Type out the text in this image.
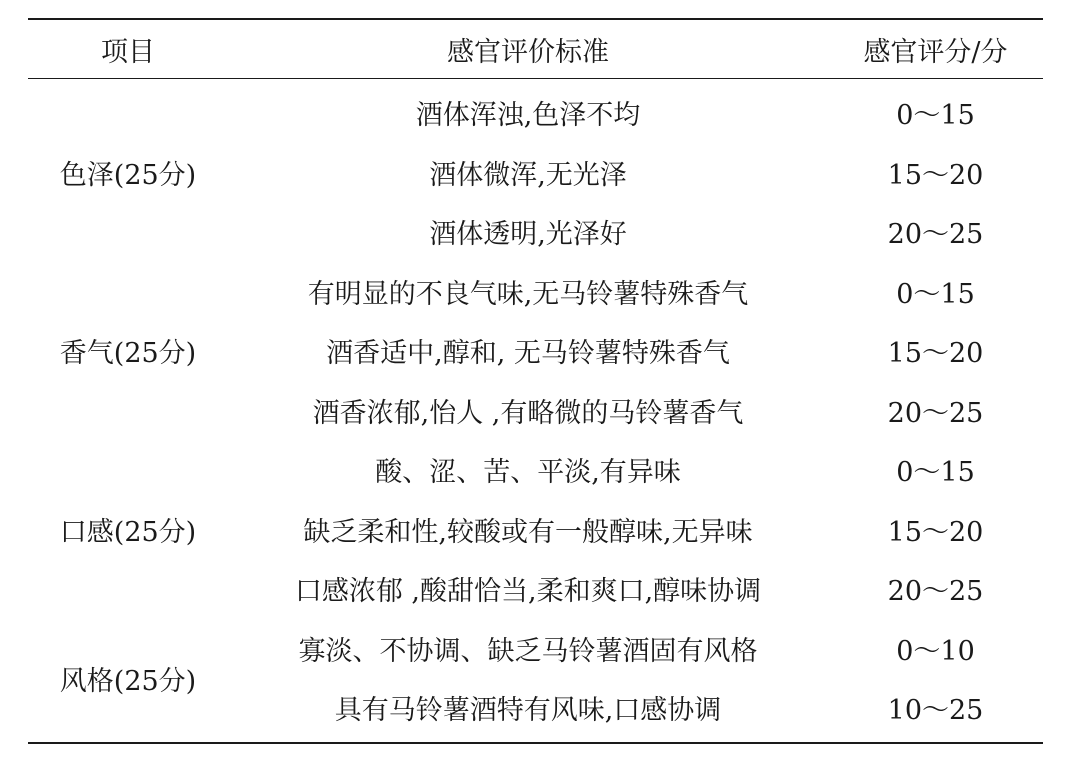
项目	感官评价标准	感官评分/分
色泽(25分)
酒体浑浊,色泽不均	0～15
酒体微浑,无光泽	15～20
酒体透明,光泽好	20～25
香气(25分)
有明显的不良气味,无马铃薯特殊香气	0～15
酒香适中,醇和, 无马铃薯特殊香气	15～20
酒香浓郁,怡人 ,有略微的马铃薯香气	20～25
口感(25分)
酸、涩、苦、平淡,有异味	0～15
缺乏柔和性,较酸或有一般醇味,无异味	15～20
口感浓郁 ,酸甜恰当,柔和爽口,醇味协调	20～25
风格(25分)
寡淡、不协调、缺乏马铃薯酒固有风格	0～10
具有马铃薯酒特有风味,口感协调	10～25
